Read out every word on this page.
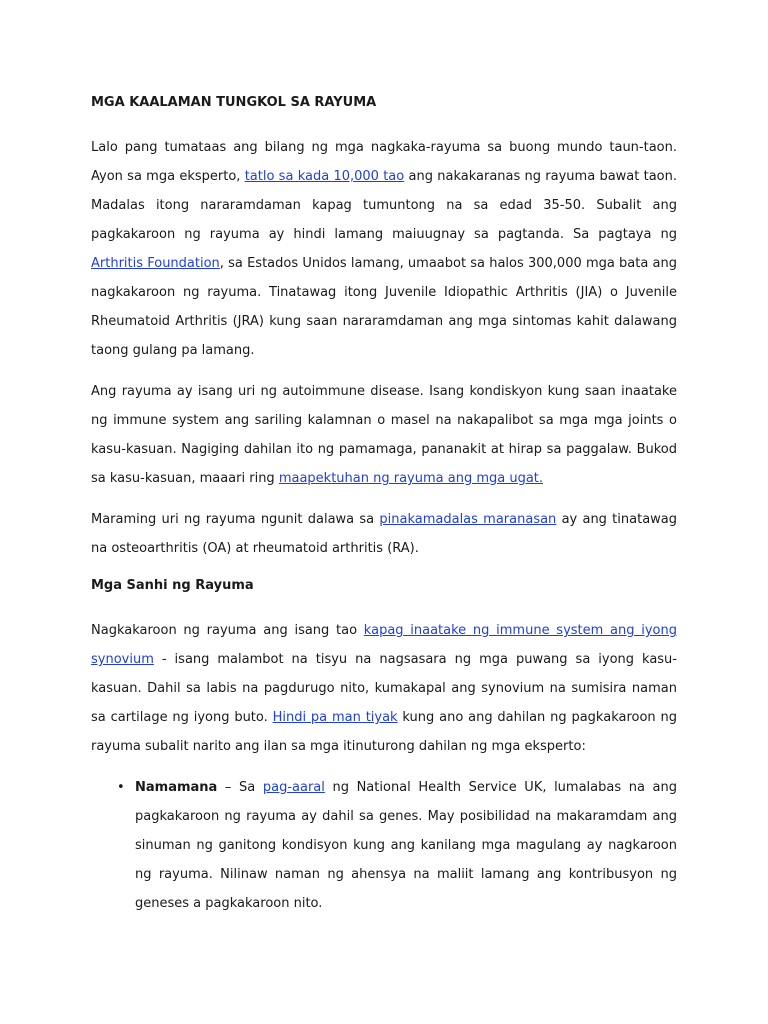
MGA KAALAMAN TUNGKOL SA RAYUMA

Lalo pang tumataas ang bilang ng mga nagkaka-rayuma sa buong mundo taun-taon. Ayon sa mga eksperto, tatlo sa kada 10,000 tao ang nakakaranas ng rayuma bawat taon. Madalas itong nararamdaman kapag tumuntong na sa edad 35-50. Subalit ang pagkakaroon ng rayuma ay hindi lamang maiuugnay sa pagtanda. Sa pagtaya ng Arthritis Foundation, sa Estados Unidos lamang, umaabot sa halos 300,000 mga bata ang nagkakaroon ng rayuma. Tinatawag itong Juvenile Idiopathic Arthritis (JIA) o Juvenile Rheumatoid Arthritis (JRA) kung saan nararamdaman ang mga sintomas kahit dalawang taong gulang pa lamang.

Ang rayuma ay isang uri ng autoimmune disease. Isang kondiskyon kung saan inaatake ng immune system ang sariling kalamnan o masel na nakapalibot sa mga mga joints o kasu-kasuan. Nagiging dahilan ito ng pamamaga, pananakit at hirap sa paggalaw. Bukod sa kasu-kasuan, maaari ring maapektuhan ng rayuma ang mga ugat.

Maraming uri ng rayuma ngunit dalawa sa pinakamadalas maranasan ay ang tinatawag na osteoarthritis (OA) at rheumatoid arthritis (RA).

Mga Sanhi ng Rayuma

Nagkakaroon ng rayuma ang isang tao kapag inaatake ng immune system ang iyong synovium - isang malambot na tisyu na nagsasara ng mga puwang sa iyong kasu-kasuan. Dahil sa labis na pagdurugo nito, kumakapal ang synovium na sumisira naman sa cartilage ng iyong buto. Hindi pa man tiyak kung ano ang dahilan ng pagkakaroon ng rayuma subalit narito ang ilan sa mga itinuturong dahilan ng mga eksperto:

• Namamana – Sa pag-aaral ng National Health Service UK, lumalabas na ang pagkakaroon ng rayuma ay dahil sa genes. May posibilidad na makaramdam ang sinuman ng ganitong kondisyon kung ang kanilang mga magulang ay nagkaroon ng rayuma. Nilinaw naman ng ahensya na maliit lamang ang kontribusyon ng geneses a pagkakaroon nito.
